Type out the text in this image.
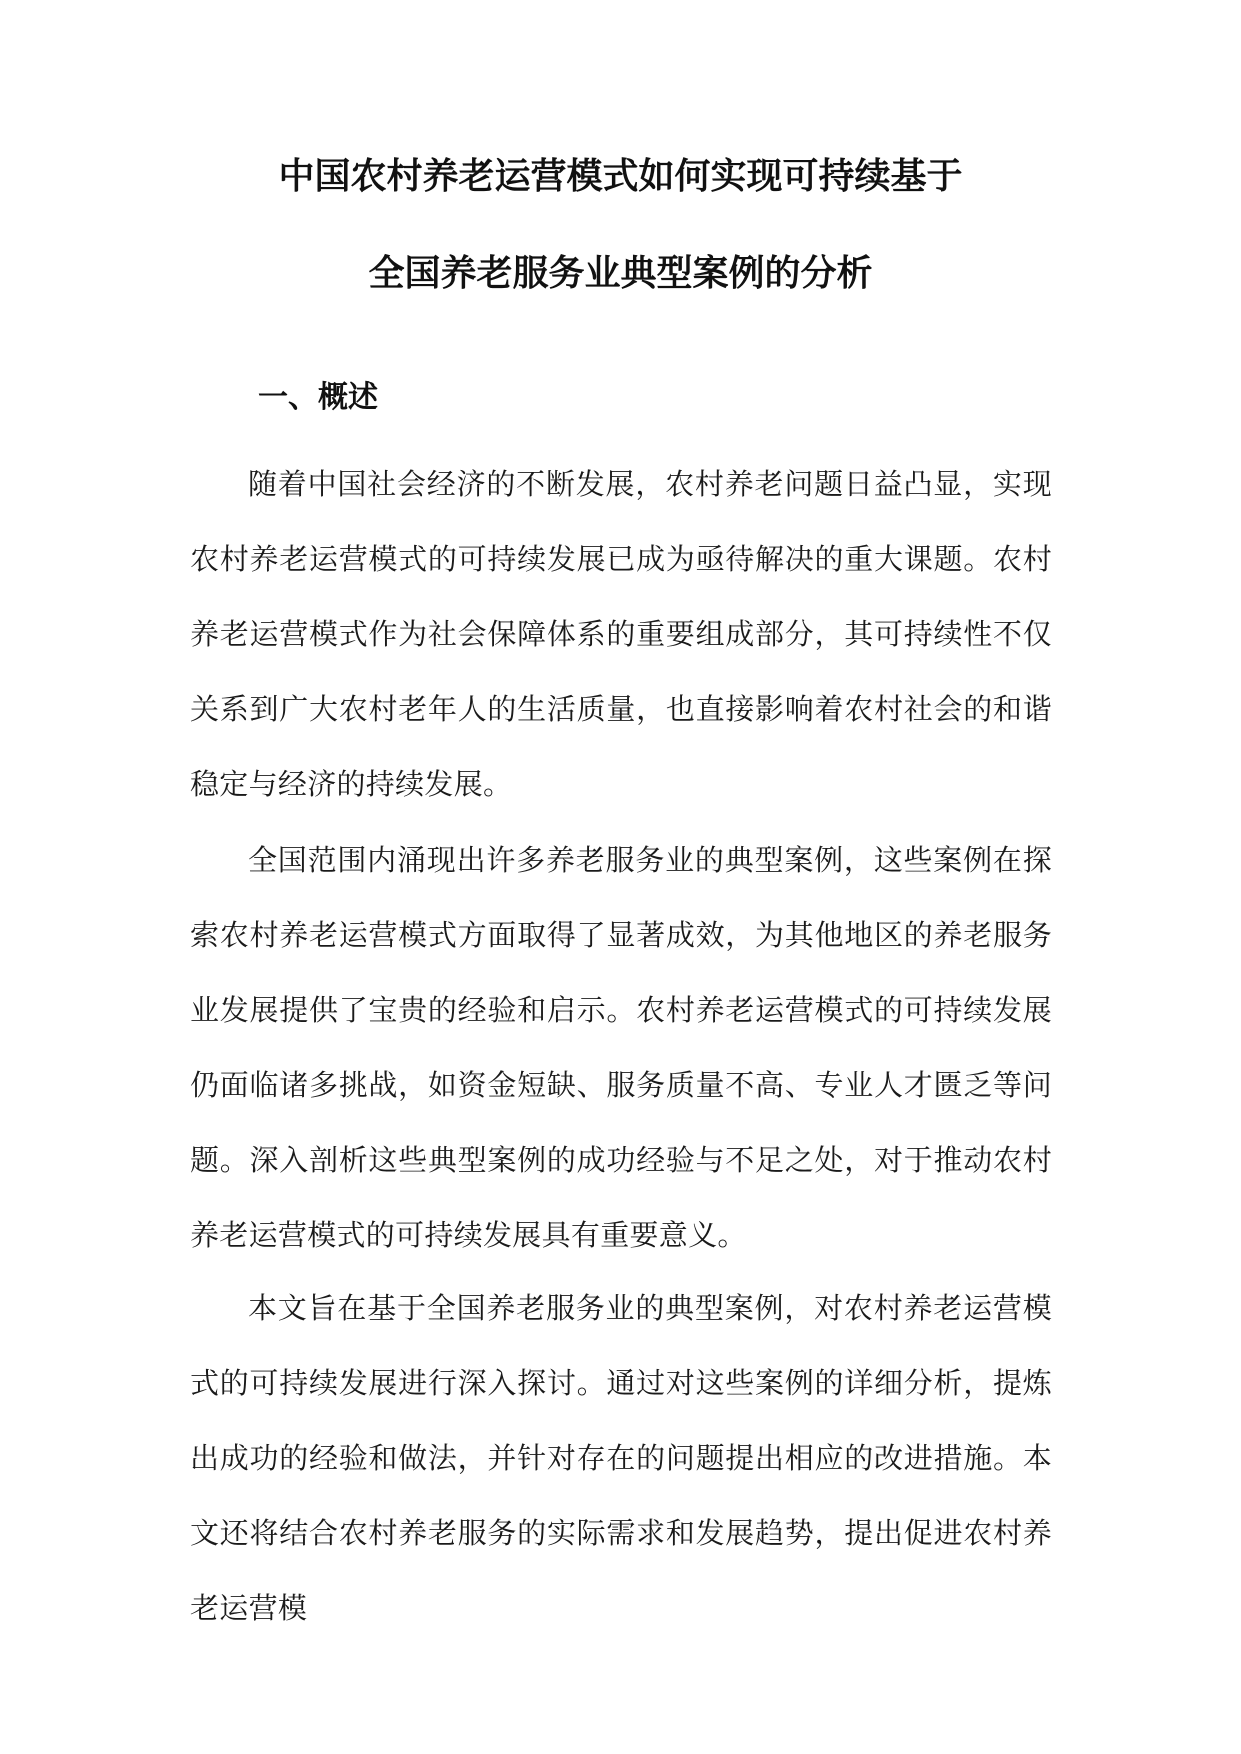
中国农村养老运营模式如何实现可持续基于
全国养老服务业典型案例的分析
一、概述

随着中国社会经济的不断发展，农村养老问题日益凸显，实现农村养老运营模式的可持续发展已成为亟待解决的重大课题。农村养老运营模式作为社会保障体系的重要组成部分，其可持续性不仅关系到广大农村老年人的生活质量，也直接影响着农村社会的和谐稳定与经济的持续发展。

全国范围内涌现出许多养老服务业的典型案例，这些案例在探索农村养老运营模式方面取得了显著成效，为其他地区的养老服务业发展提供了宝贵的经验和启示。农村养老运营模式的可持续发展仍面临诸多挑战，如资金短缺、服务质量不高、专业人才匮乏等问题。深入剖析这些典型案例的成功经验与不足之处，对于推动农村养老运营模式的可持续发展具有重要意义。

本文旨在基于全国养老服务业的典型案例，对农村养老运营模式的可持续发展进行深入探讨。通过对这些案例的详细分析，提炼出成功的经验和做法，并针对存在的问题提出相应的改进措施。本文还将结合农村养老服务的实际需求和发展趋势，提出促进农村养老运营模
